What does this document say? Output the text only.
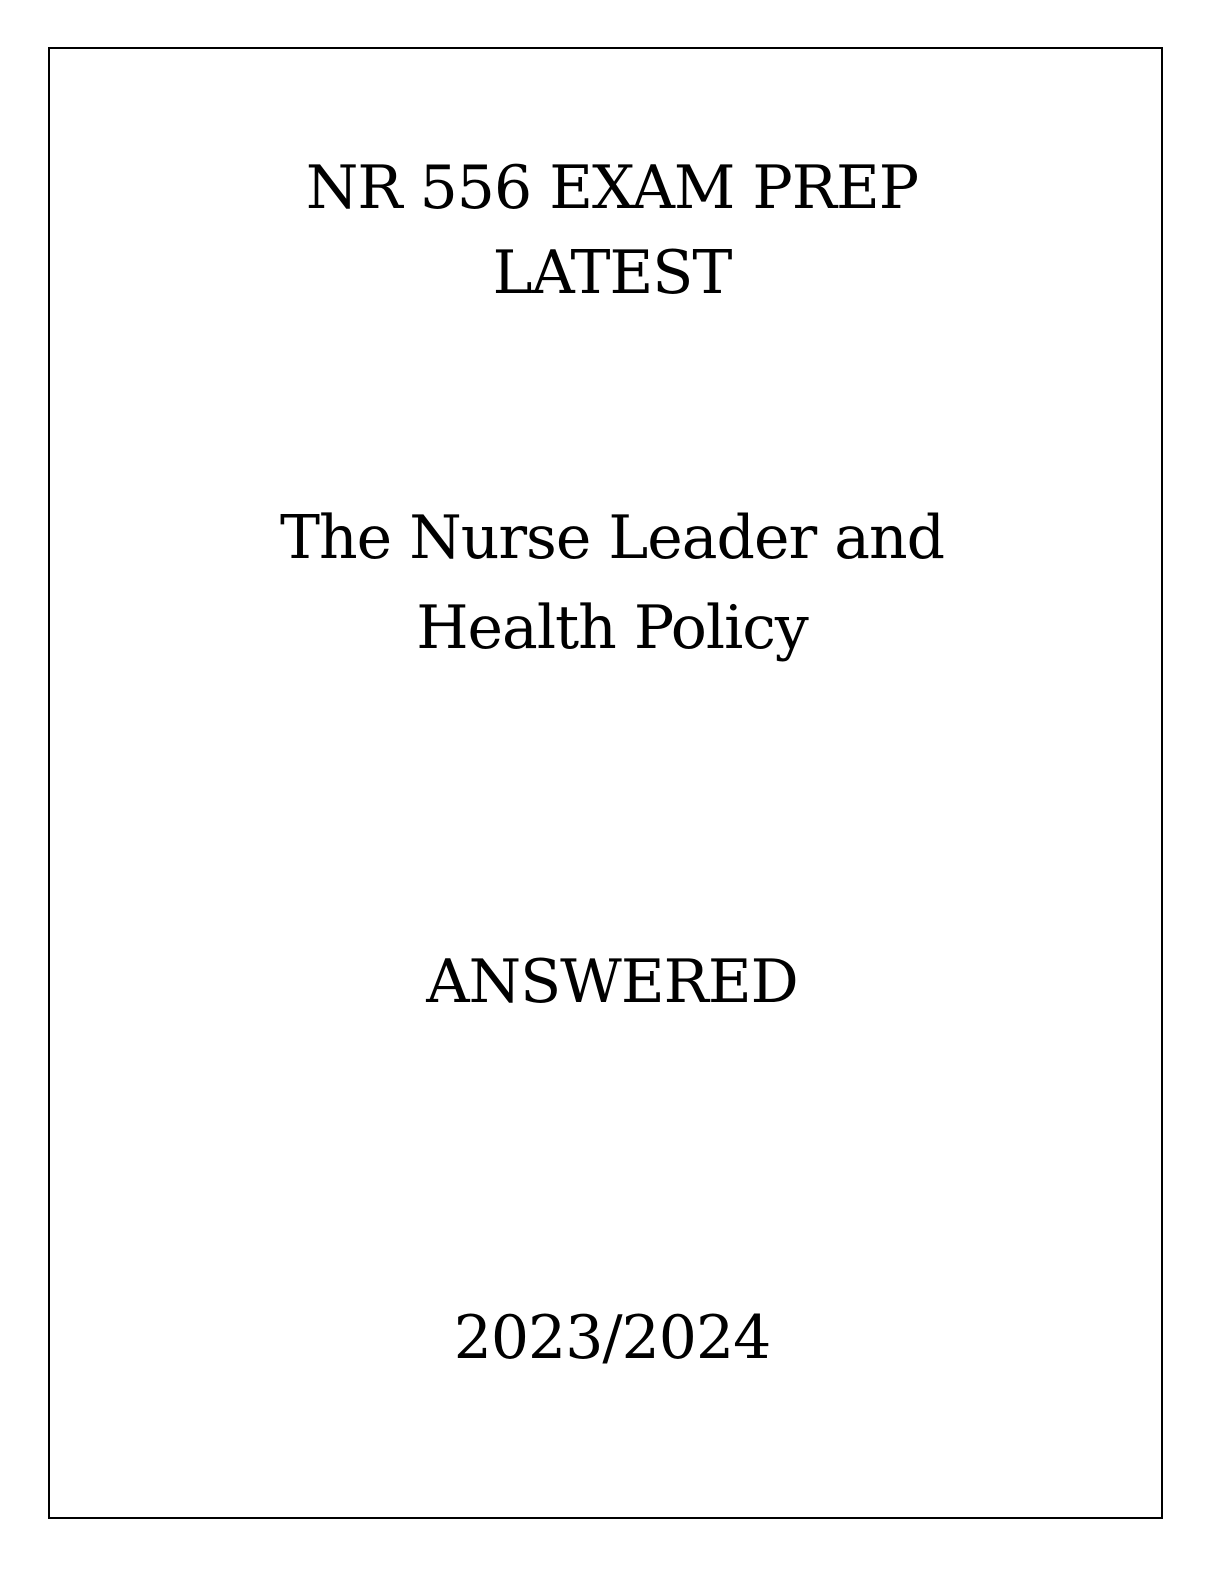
NR 556 EXAM PREP
LATEST
The Nurse Leader and
Health Policy
ANSWERED
2023/2024
